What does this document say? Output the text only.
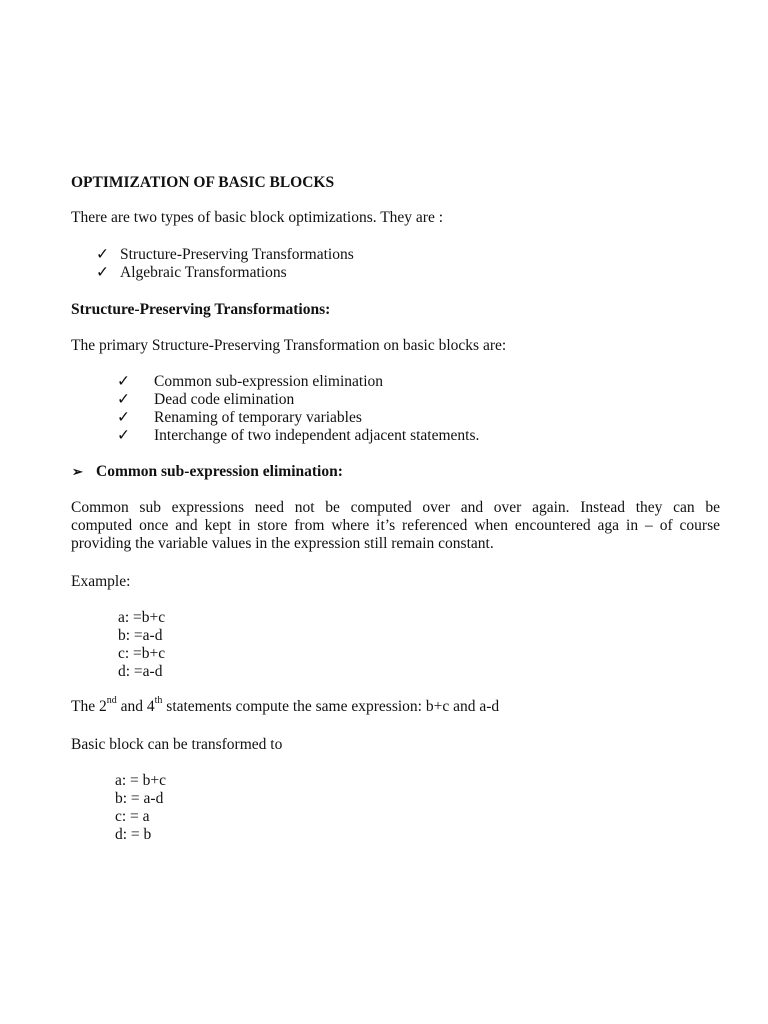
OPTIMIZATION OF BASIC BLOCKS
There are two types of basic block optimizations. They are :
✓ Structure-Preserving Transformations
✓ Algebraic Transformations
Structure-Preserving Transformations:
The primary Structure-Preserving Transformation on basic blocks are:
✓	Common sub-expression elimination
✓	Dead code elimination
✓	Renaming of temporary variables
✓	Interchange of two independent adjacent statements.
➢ Common sub-expression elimination:
Common sub expressions need not be computed over and over again. Instead they can be
computed once and kept in store from where it’s referenced when encountered aga in – of course
providing the variable values in the expression still remain constant.
Example:
a: =b+c
b: =a-d
c: =b+c
d: =a-d
The 2nd and 4th statements compute the same expression: b+c and a-d
Basic block can be transformed to
a: = b+c
b: = a-d
c: = a
d: = b
